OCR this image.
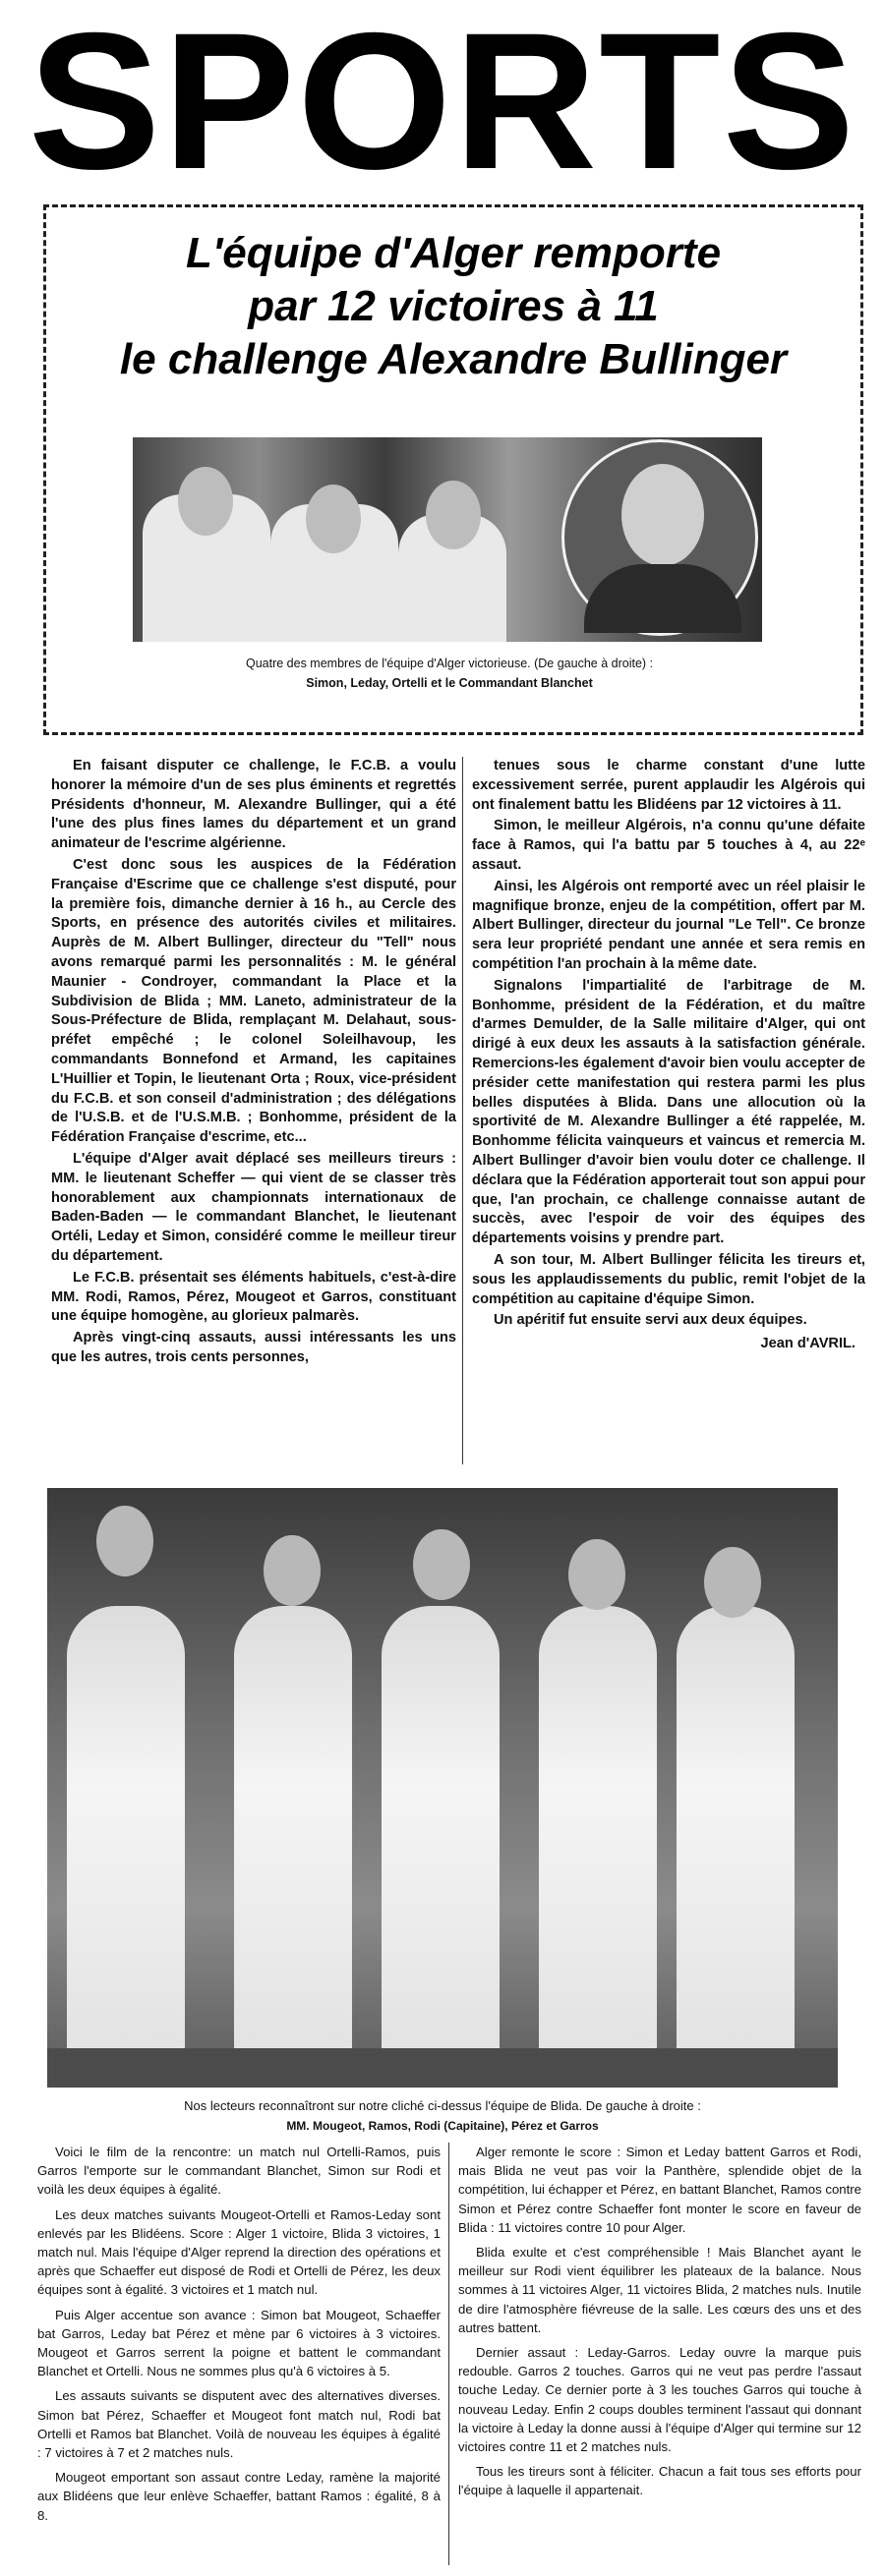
SPORTS
L'équipe d'Alger remporte
par 12 victoires à 11
le challenge Alexandre Bullinger
Quatre des membres de l'équipe d'Alger victorieuse. (De gauche à droite) :
Simon, Leday, Ortelli et le Commandant Blanchet

En faisant disputer ce challenge, le F.C.B. a voulu honorer la mémoire d'un de ses plus éminents et regrettés Présidents d'honneur, M. Alexandre Bullinger, qui a été l'une des plus fines lames du département et un grand animateur de l'escrime algérienne.

C'est donc sous les auspices de la Fédération Française d'Escrime que ce challenge s'est disputé, pour la première fois, dimanche dernier à 16 h., au Cercle des Sports, en présence des autorités civiles et militaires. Auprès de M. Albert Bullinger, directeur du "Tell" nous avons remarqué parmi les personnalités : M. le général Maunier - Condroyer, commandant la Place et la Subdivision de Blida ; MM. Laneto, administrateur de la Sous-Préfecture de Blida, remplaçant M. Delahaut, sous-préfet empêché ; le colonel Soleilhavoup, les commandants Bonnefond et Armand, les capitaines L'Huillier et Topin, le lieutenant Orta ; Roux, vice-président du F.C.B. et son conseil d'administration ; des délégations de l'U.S.B. et de l'U.S.M.B. ; Bonhomme, président de la Fédération Française d'escrime, etc...

L'équipe d'Alger avait déplacé ses meilleurs tireurs : MM. le lieutenant Scheffer — qui vient de se classer très honorablement aux championnats internationaux de Baden-Baden — le commandant Blanchet, le lieutenant Ortéli, Leday et Simon, considéré comme le meilleur tireur du département.

Le F.C.B. présentait ses éléments habituels, c'est-à-dire MM. Rodi, Ramos, Pérez, Mougeot et Garros, constituant une équipe homogène, au glorieux palmarès.

Après vingt-cinq assauts, aussi intéressants les uns que les autres, trois cents personnes,

tenues sous le charme constant d'une lutte excessivement serrée, purent applaudir les Algérois qui ont finalement battu les Blidéens par 12 victoires à 11.

Simon, le meilleur Algérois, n'a connu qu'une défaite face à Ramos, qui l'a battu par 5 touches à 4, au 22ᵉ assaut.

Ainsi, les Algérois ont remporté avec un réel plaisir le magnifique bronze, enjeu de la compétition, offert par M. Albert Bullinger, directeur du journal "Le Tell". Ce bronze sera leur propriété pendant une année et sera remis en compétition l'an prochain à la même date.

Signalons l'impartialité de l'arbitrage de M. Bonhomme, président de la Fédération, et du maître d'armes Demulder, de la Salle militaire d'Alger, qui ont dirigé à eux deux les assauts à la satisfaction générale. Remercions-les également d'avoir bien voulu accepter de présider cette manifestation qui restera parmi les plus belles disputées à Blida. Dans une allocution où la sportivité de M. Alexandre Bullinger a été rappelée, M. Bonhomme félicita vainqueurs et vaincus et remercia M. Albert Bullinger d'avoir bien voulu doter ce challenge. Il déclara que la Fédération apporterait tout son appui pour que, l'an prochain, ce challenge connaisse autant de succès, avec l'espoir de voir des équipes des départements voisins y prendre part.

A son tour, M. Albert Bullinger félicita les tireurs et, sous les applaudissements du public, remit l'objet de la compétition au capitaine d'équipe Simon.

Un apéritif fut ensuite servi aux deux équipes.

Jean d'AVRIL.

Nos lecteurs reconnaîtront sur notre cliché ci-dessus l'équipe de Blida. De gauche à droite :
MM. Mougeot, Ramos, Rodi (Capitaine), Pérez et Garros

Voici le film de la rencontre: un match nul Ortelli-Ramos, puis Garros l'emporte sur le commandant Blanchet, Simon sur Rodi et voilà les deux équipes à égalité.

Les deux matches suivants Mougeot-Ortelli et Ramos-Leday sont enlevés par les Blidéens. Score : Alger 1 victoire, Blida 3 victoires, 1 match nul. Mais l'équipe d'Alger reprend la direction des opérations et après que Schaeffer eut disposé de Rodi et Ortelli de Pérez, les deux équipes sont à égalité. 3 victoires et 1 match nul.

Puis Alger accentue son avance : Simon bat Mougeot, Schaeffer bat Garros, Leday bat Pérez et mène par 6 victoires à 3 victoires. Mougeot et Garros serrent la poigne et battent le commandant Blanchet et Ortelli. Nous ne sommes plus qu'à 6 victoires à 5.

Les assauts suivants se disputent avec des alternatives diverses. Simon bat Pérez, Schaeffer et Mougeot font match nul, Rodi bat Ortelli et Ramos bat Blanchet. Voilà de nouveau les équipes à égalité : 7 victoires à 7 et 2 matches nuls.

Mougeot emportant son assaut contre Leday, ramène la majorité aux Blidéens que leur enlève Schaeffer, battant Ramos : égalité, 8 à 8.

Alger remonte le score : Simon et Leday battent Garros et Rodi, mais Blida ne veut pas voir la Panthère, splendide objet de la compétition, lui échapper et Pérez, en battant Blanchet, Ramos contre Simon et Pérez contre Schaeffer font monter le score en faveur de Blida : 11 victoires contre 10 pour Alger.

Blida exulte et c'est compréhensible ! Mais Blanchet ayant le meilleur sur Rodi vient équilibrer les plateaux de la balance. Nous sommes à 11 victoires Alger, 11 victoires Blida, 2 matches nuls. Inutile de dire l'atmosphère fiévreuse de la salle. Les cœurs des uns et des autres battent.

Dernier assaut : Leday-Garros. Leday ouvre la marque puis redouble. Garros 2 touches. Garros qui ne veut pas perdre l'assaut touche Leday. Ce dernier porte à 3 les touches Garros qui touche à nouveau Leday. Enfin 2 coups doubles terminent l'assaut qui donnant la victoire à Leday la donne aussi à l'équipe d'Alger qui termine sur 12 victoires contre 11 et 2 matches nuls.

Tous les tireurs sont à féliciter. Chacun a fait tous ses efforts pour l'équipe à laquelle il appartenait.
